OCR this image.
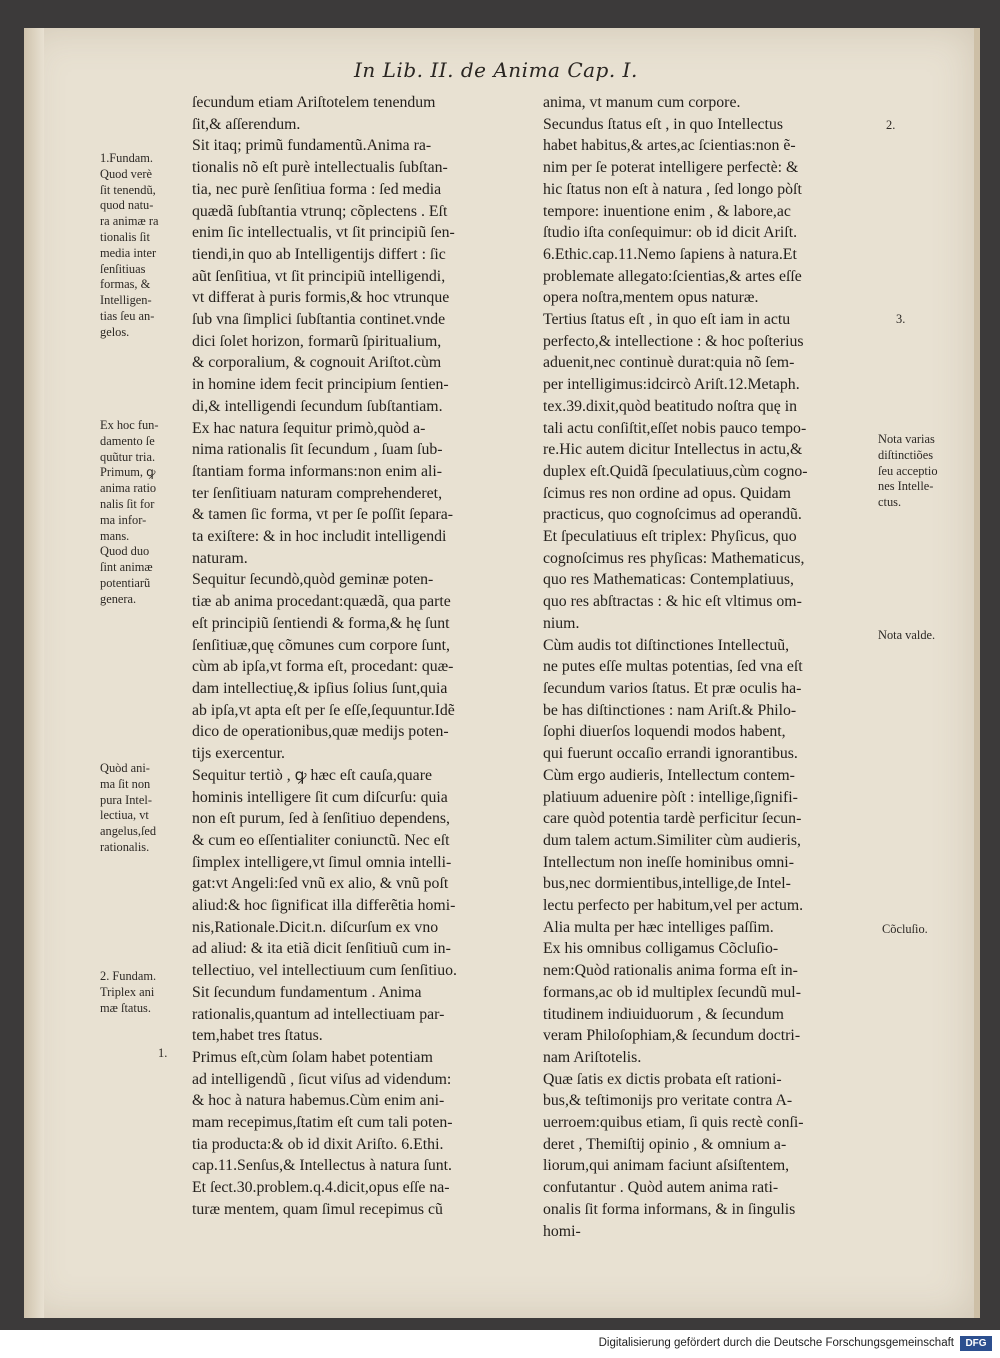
In Lib. II. de Anima Cap. I.
ſecundum etiam Ariſtotelem tenendum
ſit,& aſſerendum.
Sit itaq; primũ fundamentũ.Anima ra-
tionalis nõ eſt purè intellectualis ſubſtan-
tia, nec purè ſenſitiua forma : ſed media
quædã ſubſtantia vtrunq; cõplectens . Eſt
enim ſic intellectualis, vt ſit principiũ ſen-
tiendi,in quo ab Intelligentijs differt : ſic
aũt ſenſitiua, vt ſit principiũ intelligendi,
vt differat à puris formis,& hoc vtrunque
ſub vna ſimplici ſubſtantia continet.vnde
dici ſolet horizon, formarũ ſpiritualium,
& corporalium, & cognouit Ariſtot.cùm
in homine idem fecit principium ſentien-
di,& intelligendi ſecundum ſubſtantiam.
Ex hac natura ſequitur primò,quòd a-
nima rationalis ſit ſecundum , ſuam ſub-
ſtantiam forma informans:non enim ali-
ter ſenſitiuam naturam comprehenderet,
& tamen ſic forma, vt per ſe poſſit ſepara-
ta exiſtere: & in hoc includit intelligendi
naturam.
Sequitur ſecundò,quòd geminæ poten-
tiæ ab anima procedant:quædã, qua parte
eſt principiũ ſentiendi & forma,& hę ſunt
ſenſitiuæ,quę cõmunes cum corpore ſunt,
cùm ab ipſa,vt forma eſt, procedant: quæ-
dam intellectiuę,& ipſius ſolius ſunt,quia
ab ipſa,vt apta eſt per ſe eſſe,ſequuntur.Idẽ
dico de operationibus,quæ medijs poten-
tijs exercentur.
Sequitur tertiò , ꝙ hæc eſt cauſa,quare
hominis intelligere ſit cum diſcurſu: quia
non eſt purum, ſed à ſenſitiuo dependens,
& cum eo eſſentialiter coniunctũ. Nec eſt
ſimplex intelligere,vt ſimul omnia intelli-
gat:vt Angeli:ſed vnũ ex alio, & vnũ poſt
aliud:& hoc ſignificat illa differẽtia homi-
nis,Rationale.Dicit.n. diſcurſum ex vno
ad aliud: & ita etiã dicit ſenſitiuũ cum in-
tellectiuo, vel intellectiuum cum ſenſitiuo.
Sit ſecundum fundamentum . Anima
rationalis,quantum ad intellectiuam par-
tem,habet tres ſtatus.
Primus eſt,cùm ſolam habet potentiam
ad intelligendũ , ſicut viſus ad videndum:
& hoc à natura habemus.Cùm enim ani-
mam recepimus,ſtatim eſt cum tali poten-
tia producta:& ob id dixit Ariſto. 6.Ethi.
cap.11.Senſus,& Intellectus à natura ſunt.
Et ſect.30.problem.q.4.dicit,opus eſſe na-
turæ mentem, quam ſimul recepimus cũ
anima, vt manum cum corpore.
Secundus ſtatus eſt , in quo Intellectus
habet habitus,& artes,ac ſcientias:non ẽ-
nim per ſe poterat intelligere perfectè: &
hic ſtatus non eſt à natura , ſed longo pòſt
tempore: inuentione enim , & labore,ac
ſtudio iſta conſequimur: ob id dicit Ariſt.
6.Ethic.cap.11.Nemo ſapiens à natura.Et
problemate allegato:ſcientias,& artes eſſe
opera noſtra,mentem opus naturæ.
Tertius ſtatus eſt , in quo eſt iam in actu
perfecto,& intellectione : & hoc poſterius
aduenit,nec continuè durat:quia nõ ſem-
per intelligimus:idcircò Ariſt.12.Metaph.
tex.39.dixit,quòd beatitudo noſtra quę in
tali actu conſiſtit,eſſet nobis pauco tempo-
re.Hic autem dicitur Intellectus in actu,&
duplex eſt.Quidã ſpeculatiuus,cùm cogno-
ſcimus res non ordine ad opus. Quidam
practicus, quo cognoſcimus ad operandũ.
Et ſpeculatiuus eſt triplex: Phyſicus, quo
cognoſcimus res phyſicas: Mathematicus,
quo res Mathematicas: Contemplatiuus,
quo res abſtractas : & hic eſt vltimus om-
nium.
Cùm audis tot diſtinctiones Intellectuũ,
ne putes eſſe multas potentias, ſed vna eſt
ſecundum varios ſtatus. Et præ oculis ha-
be has diſtinctiones : nam Ariſt.& Philo-
ſophi diuerſos loquendi modos habent,
qui fuerunt occaſio errandi ignorantibus.
Cùm ergo audieris, Intellectum contem-
platiuum aduenire pòſt : intellige,ſignifi-
care quòd potentia tardè perficitur ſecun-
dum talem actum.Similiter cùm audieris,
Intellectum non ineſſe hominibus omni-
bus,nec dormientibus,intellige,de Intel-
lectu perfecto per habitum,vel per actum.
Alia multa per hæc intelliges paſſim.
Ex his omnibus colligamus Cõcluſio-
nem:Quòd rationalis anima forma eſt in-
formans,ac ob id multiplex ſecundũ mul-
titudinem indiuiduorum , & ſecundum
veram Philoſophiam,& ſecundum doctri-
nam Ariſtotelis.
Quæ ſatis ex dictis probata eſt rationi-
bus,& teſtimonijs pro veritate contra A-
uerroem:quibus etiam, ſi quis rectè conſi-
deret , Themiſtij opinio , & omnium a-
liorum,qui animam faciunt aſsiſtentem,
confutantur . Quòd autem anima rati-
onalis ſit forma informans, & in ſingulis
homi-
1.Fundam.
Quod verè
ſit tenendũ,
quod natu-
ra animæ ra
tionalis ſit
media inter
ſenſitiuas
formas, &
Intelligen-
tias ſeu an-
gelos.
Ex hoc fun-
damento ſe
quũtur tria.
Primum, ꝙ
anima ratio
nalis ſit for
ma infor-
mans.
Quod duo
ſint animæ
potentiarũ
genera.
Quòd ani-
ma ſit non
pura Intel-
lectiua, vt
angelus,ſed
rationalis.
2. Fundam.
Triplex ani
mæ ſtatus.
1.
2.
3.
Nota varias
diſtinctiões
ſeu acceptio
nes Intelle-
ctus.
Nota valde.
Cõcluſio.
Digitalisierung gefördert durch die Deutsche Forschungsgemeinschaft	DFG
